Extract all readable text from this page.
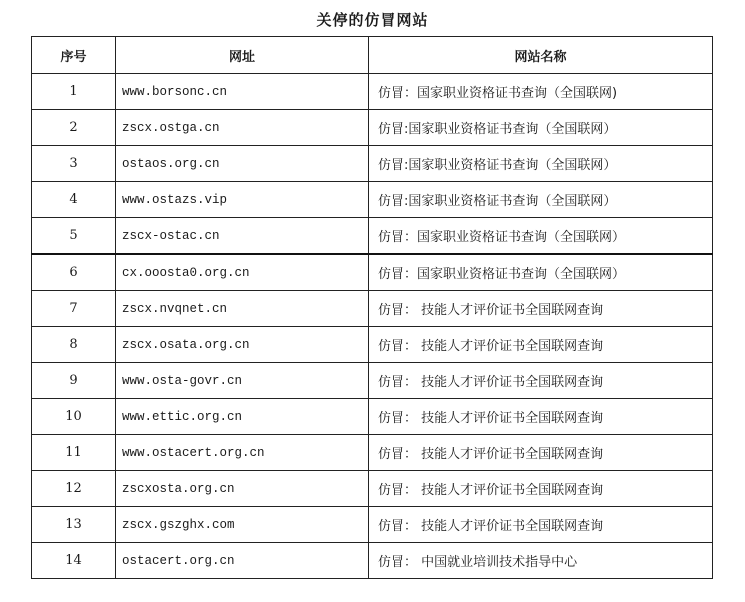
关停的仿冒网站
序号	网址	网站名称
1	www.borsonc.cn	仿冒：国家职业资格证书查询（全国联网)
2	zscx.ostga.cn	仿冒:国家职业资格证书查询（全国联网）
3	ostaos.org.cn	仿冒:国家职业资格证书查询（全国联网）
4	www.ostazs.vip	仿冒:国家职业资格证书查询（全国联网）
5	zscx-ostac.cn	仿冒：国家职业资格证书查询（全国联网）
6	cx.ooosta0.org.cn	仿冒：国家职业资格证书查询（全国联网）
7	zscx.nvqnet.cn	仿冒： 技能人才评价证书全国联网查询
8	zscx.osata.org.cn	仿冒： 技能人才评价证书全国联网查询
9	www.osta-govr.cn	仿冒： 技能人才评价证书全国联网查询
10	www.ettic.org.cn	仿冒： 技能人才评价证书全国联网查询
11	www.ostacert.org.cn	仿冒： 技能人才评价证书全国联网查询
12	zscxosta.org.cn	仿冒： 技能人才评价证书全国联网查询
13	zscx.gszghx.com	仿冒： 技能人才评价证书全国联网查询
14	ostacert.org.cn	仿冒： 中国就业培训技术指导中心
